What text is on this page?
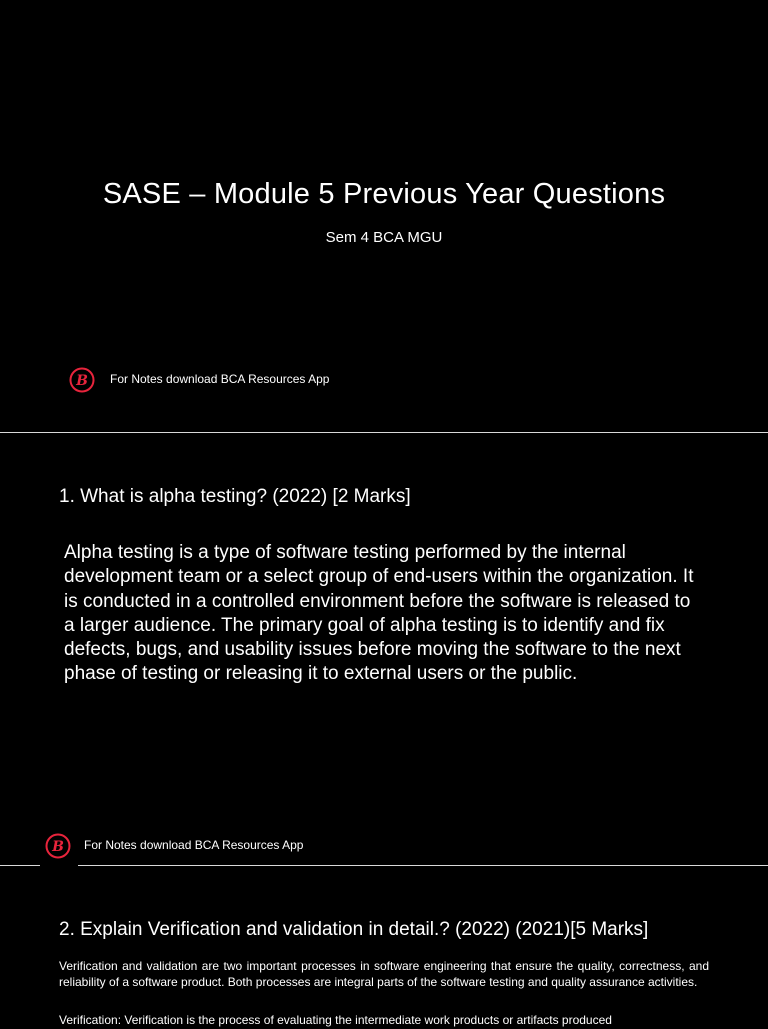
SASE – Module 5 Previous Year Questions
Sem 4 BCA MGU
B For Notes download BCA Resources App
1. What is alpha testing? (2022) [2 Marks]
Alpha testing is a type of software testing performed by the internal development team or a select group of end-users within the organization. It is conducted in a controlled environment before the software is released to a larger audience. The primary goal of alpha testing is to identify and fix defects, bugs, and usability issues before moving the software to the next phase of testing or releasing it to external users or the public.
B For Notes download BCA Resources App
2. Explain Verification and validation in detail.? (2022) (2021)[5 Marks]
Verification and validation are two important processes in software engineering that ensure the quality, correctness, and reliability of a software product. Both processes are integral parts of the software testing and quality assurance activities.
Verification: Verification is the process of evaluating the intermediate work products or artifacts produced
